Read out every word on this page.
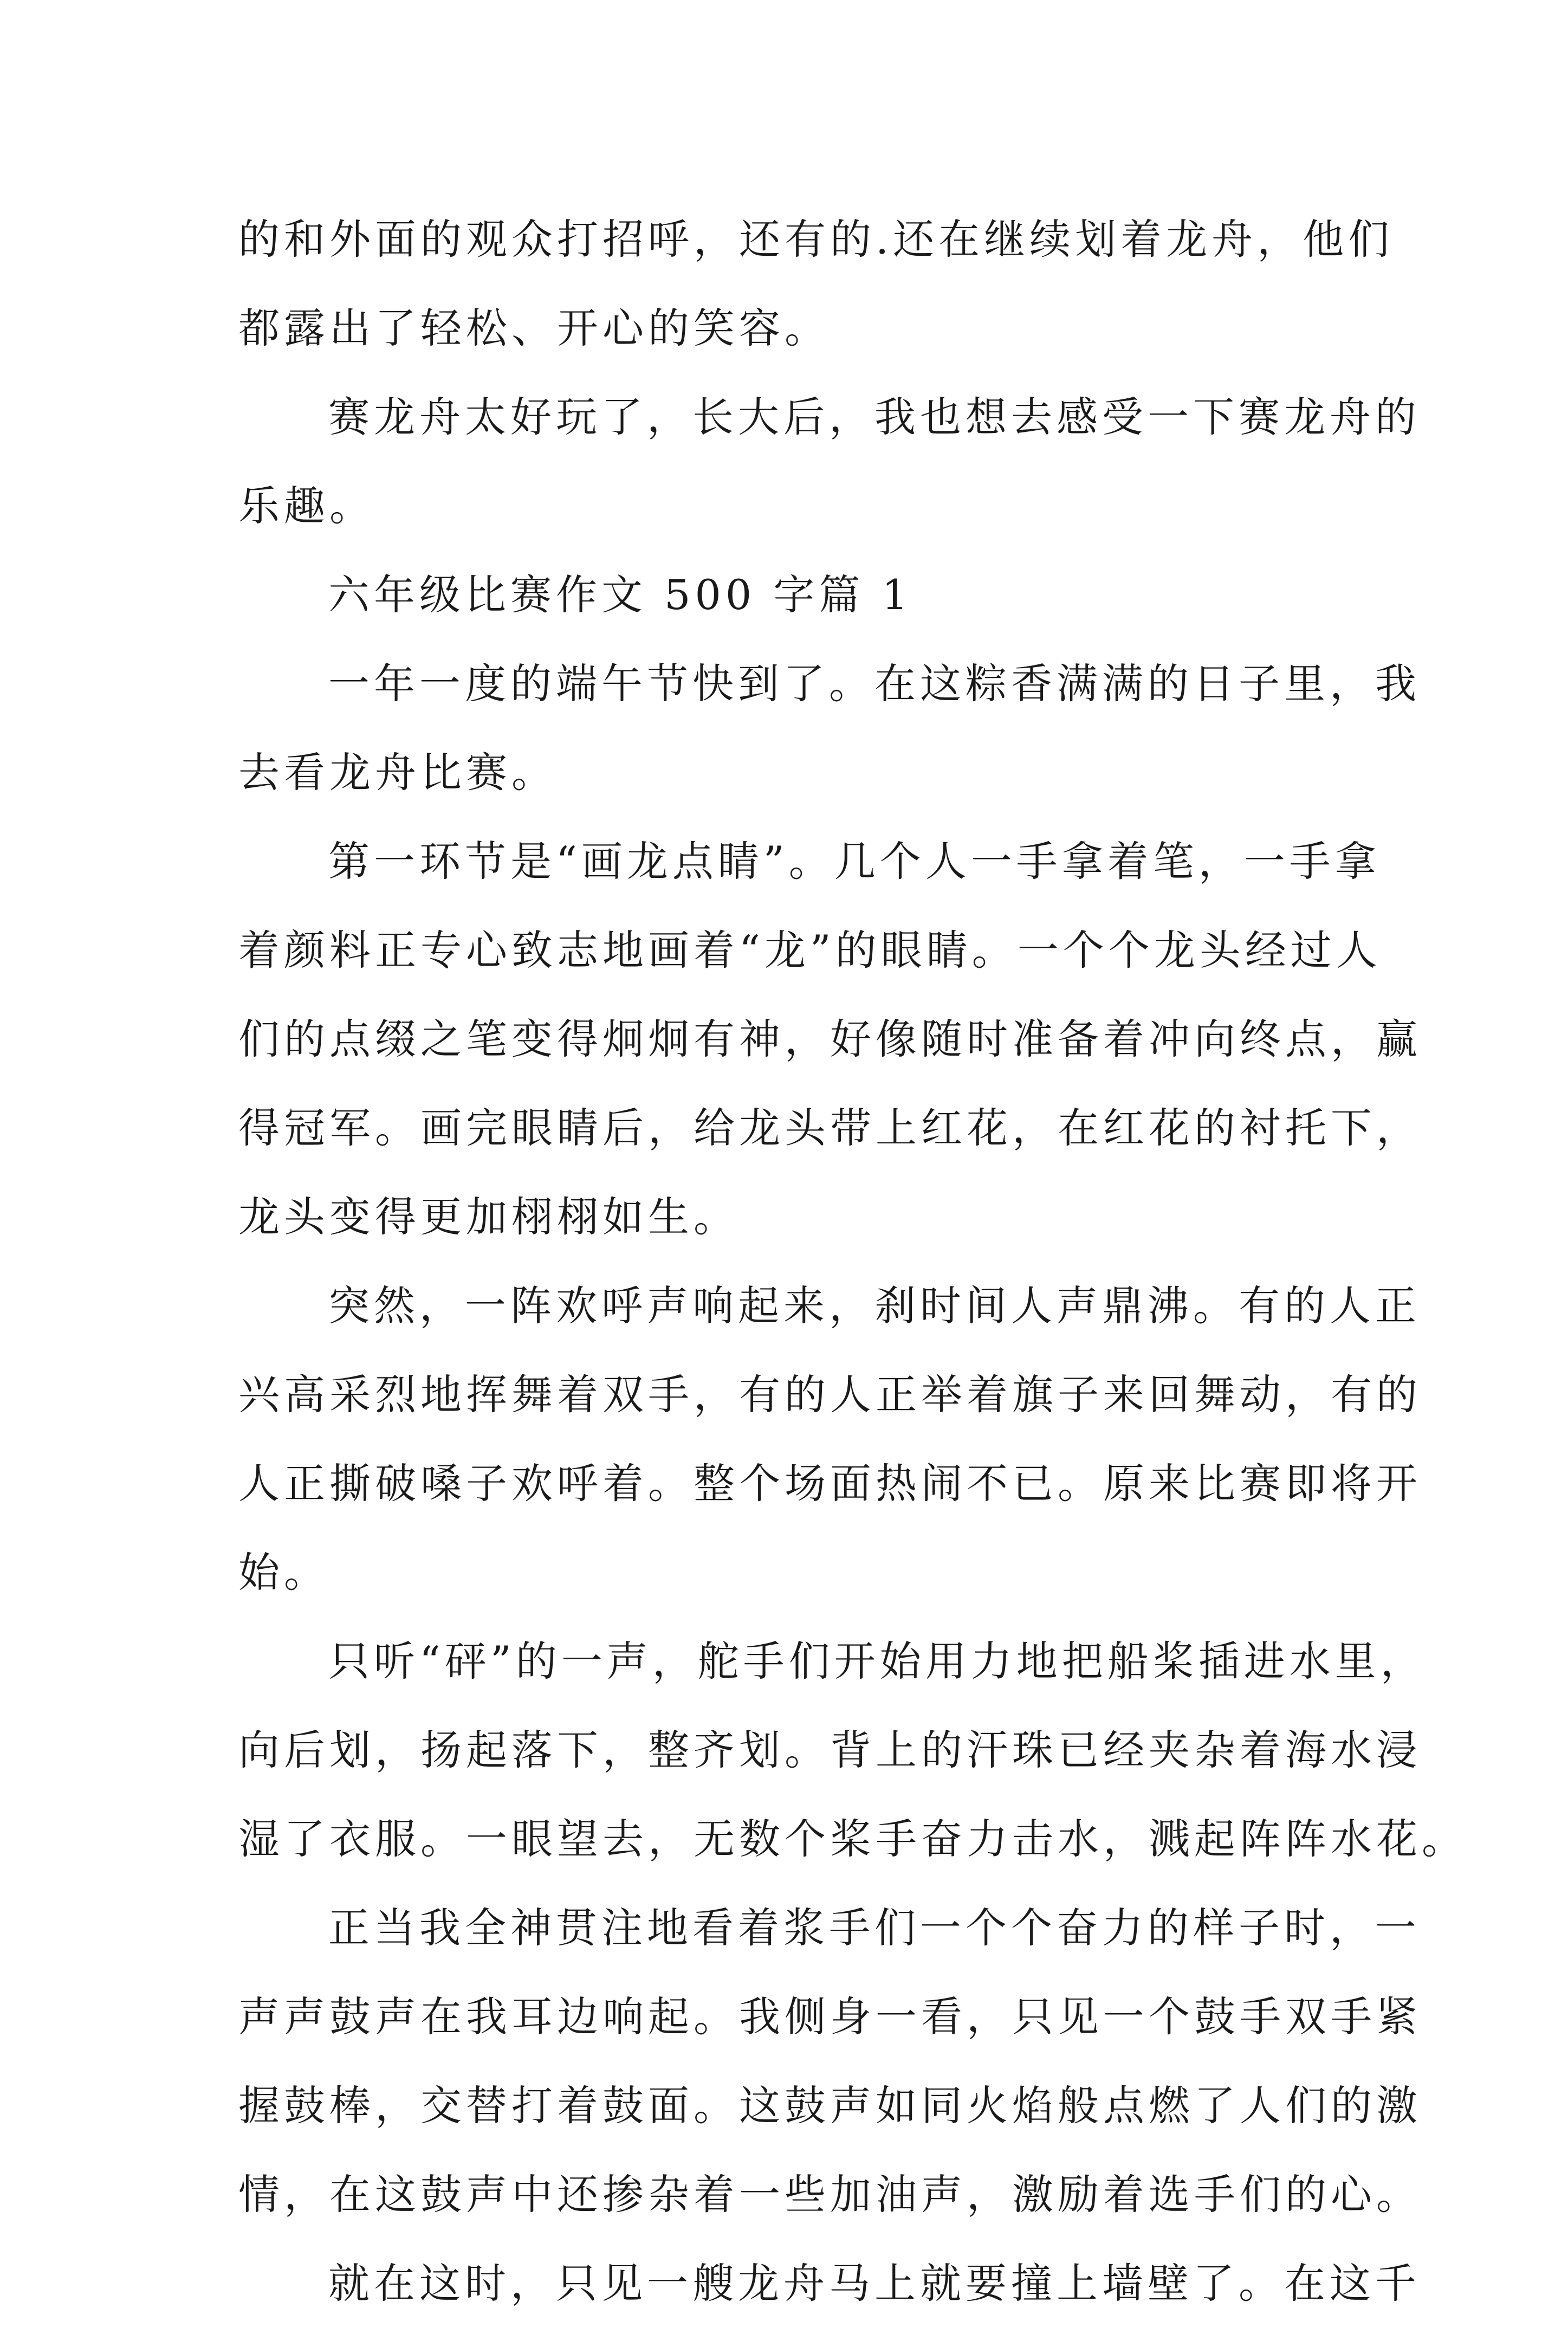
的和外面的观众打招呼，还有的.还在继续划着龙舟，他们
都露出了轻松、开心的笑容。

赛龙舟太好玩了，长大后，我也想去感受一下赛龙舟的
乐趣。

六年级比赛作文 500 字篇 1

一年一度的端午节快到了。在这粽香满满的日子里，我
去看龙舟比赛。

第一环节是“画龙点睛”。几个人一手拿着笔，一手拿
着颜料正专心致志地画着“龙”的眼睛。一个个龙头经过人
们的点缀之笔变得炯炯有神，好像随时准备着冲向终点，赢
得冠军。画完眼睛后，给龙头带上红花，在红花的衬托下，
龙头变得更加栩栩如生。

突然，一阵欢呼声响起来，刹时间人声鼎沸。有的人正
兴高采烈地挥舞着双手，有的人正举着旗子来回舞动，有的
人正撕破嗓子欢呼着。整个场面热闹不已。原来比赛即将开
始。

只听“砰”的一声，舵手们开始用力地把船桨插进水里，
向后划，扬起落下，整齐划。背上的汗珠已经夹杂着海水浸
湿了衣服。一眼望去，无数个桨手奋力击水，溅起阵阵水花。

正当我全神贯注地看着浆手们一个个奋力的样子时，一
声声鼓声在我耳边响起。我侧身一看，只见一个鼓手双手紧
握鼓棒，交替打着鼓面。这鼓声如同火焰般点燃了人们的激
情，在这鼓声中还掺杂着一些加油声，激励着选手们的心。

就在这时，只见一艘龙舟马上就要撞上墙壁了。在这千
